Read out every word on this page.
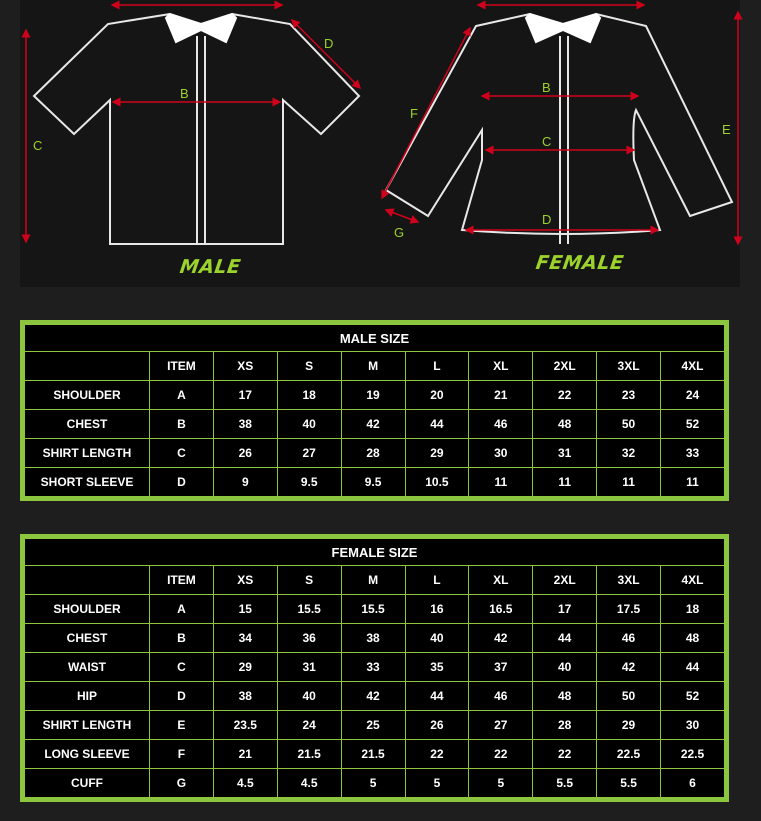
B
C
D
B
C
D
E
F
G
MALE	FEMALE
MALE SIZE									
	ITEM	XS	S	M	L	XL	2XL	3XL	4XL
SHOULDER	A	17	18	19	20	21	22	23	24
CHEST	B	38	40	42	44	46	48	50	52
SHIRT LENGTH	C	26	27	28	29	30	31	32	33
SHORT SLEEVE	D	9	9.5	9.5	10.5	11	11	11	11
FEMALE SIZE									
	ITEM	XS	S	M	L	XL	2XL	3XL	4XL
SHOULDER	A	15	15.5	15.5	16	16.5	17	17.5	18
CHEST	B	34	36	38	40	42	44	46	48
WAIST	C	29	31	33	35	37	40	42	44
HIP	D	38	40	42	44	46	48	50	52
SHIRT LENGTH	E	23.5	24	25	26	27	28	29	30
LONG SLEEVE	F	21	21.5	21.5	22	22	22	22.5	22.5
CUFF	G	4.5	4.5	5	5	5	5.5	5.5	6
